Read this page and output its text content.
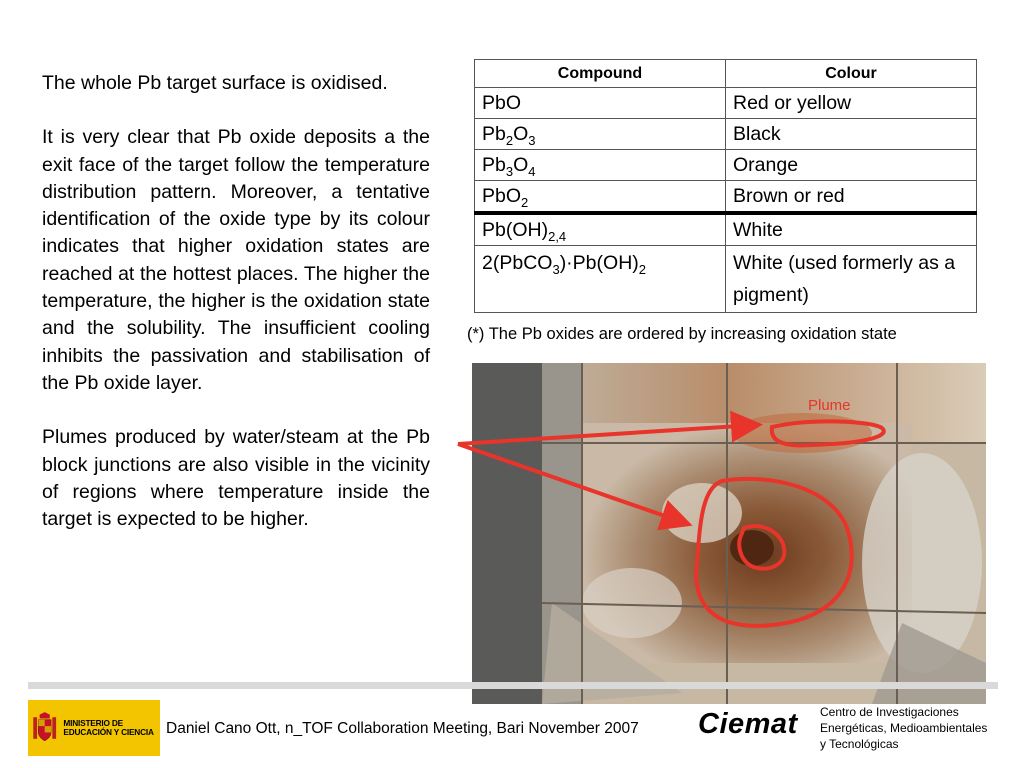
The whole Pb target surface is oxidised.

It is very clear that Pb oxide deposits a the exit face of the target follow the temperature distribution pattern. Moreover, a tentative identification of the oxide type by its colour indicates that higher oxidation states are reached at the hottest places. The higher the temperature, the higher is the oxidation state and the solubility. The insufficient cooling inhibits the passivation and stabilisation of the Pb oxide layer.

Plumes produced by water/steam at the Pb block junctions are also visible in the vicinity of regions where temperature inside the target is expected to be higher.

Compound	Colour
PbO	Red or yellow
$Pb_2O_3$	Black
$Pb_3O_4$	Orange
PbO$_2$	Brown or red
$Pb(OH)_{2,4}$	White
$2(PbCO_3)\cdot Pb(OH)_2$	White (used formerly as a pigment)
(*) The Pb oxides are ordered by increasing oxidation state
Plume
MINISTERIO DE EDUCACIÓN Y CIENCIA Daniel Cano Ott, n_TOF Collaboration Meeting, Bari November 2007 Ciemat Centro de Investigaciones
Energéticas, Medioambientales
y Tecnológicas
